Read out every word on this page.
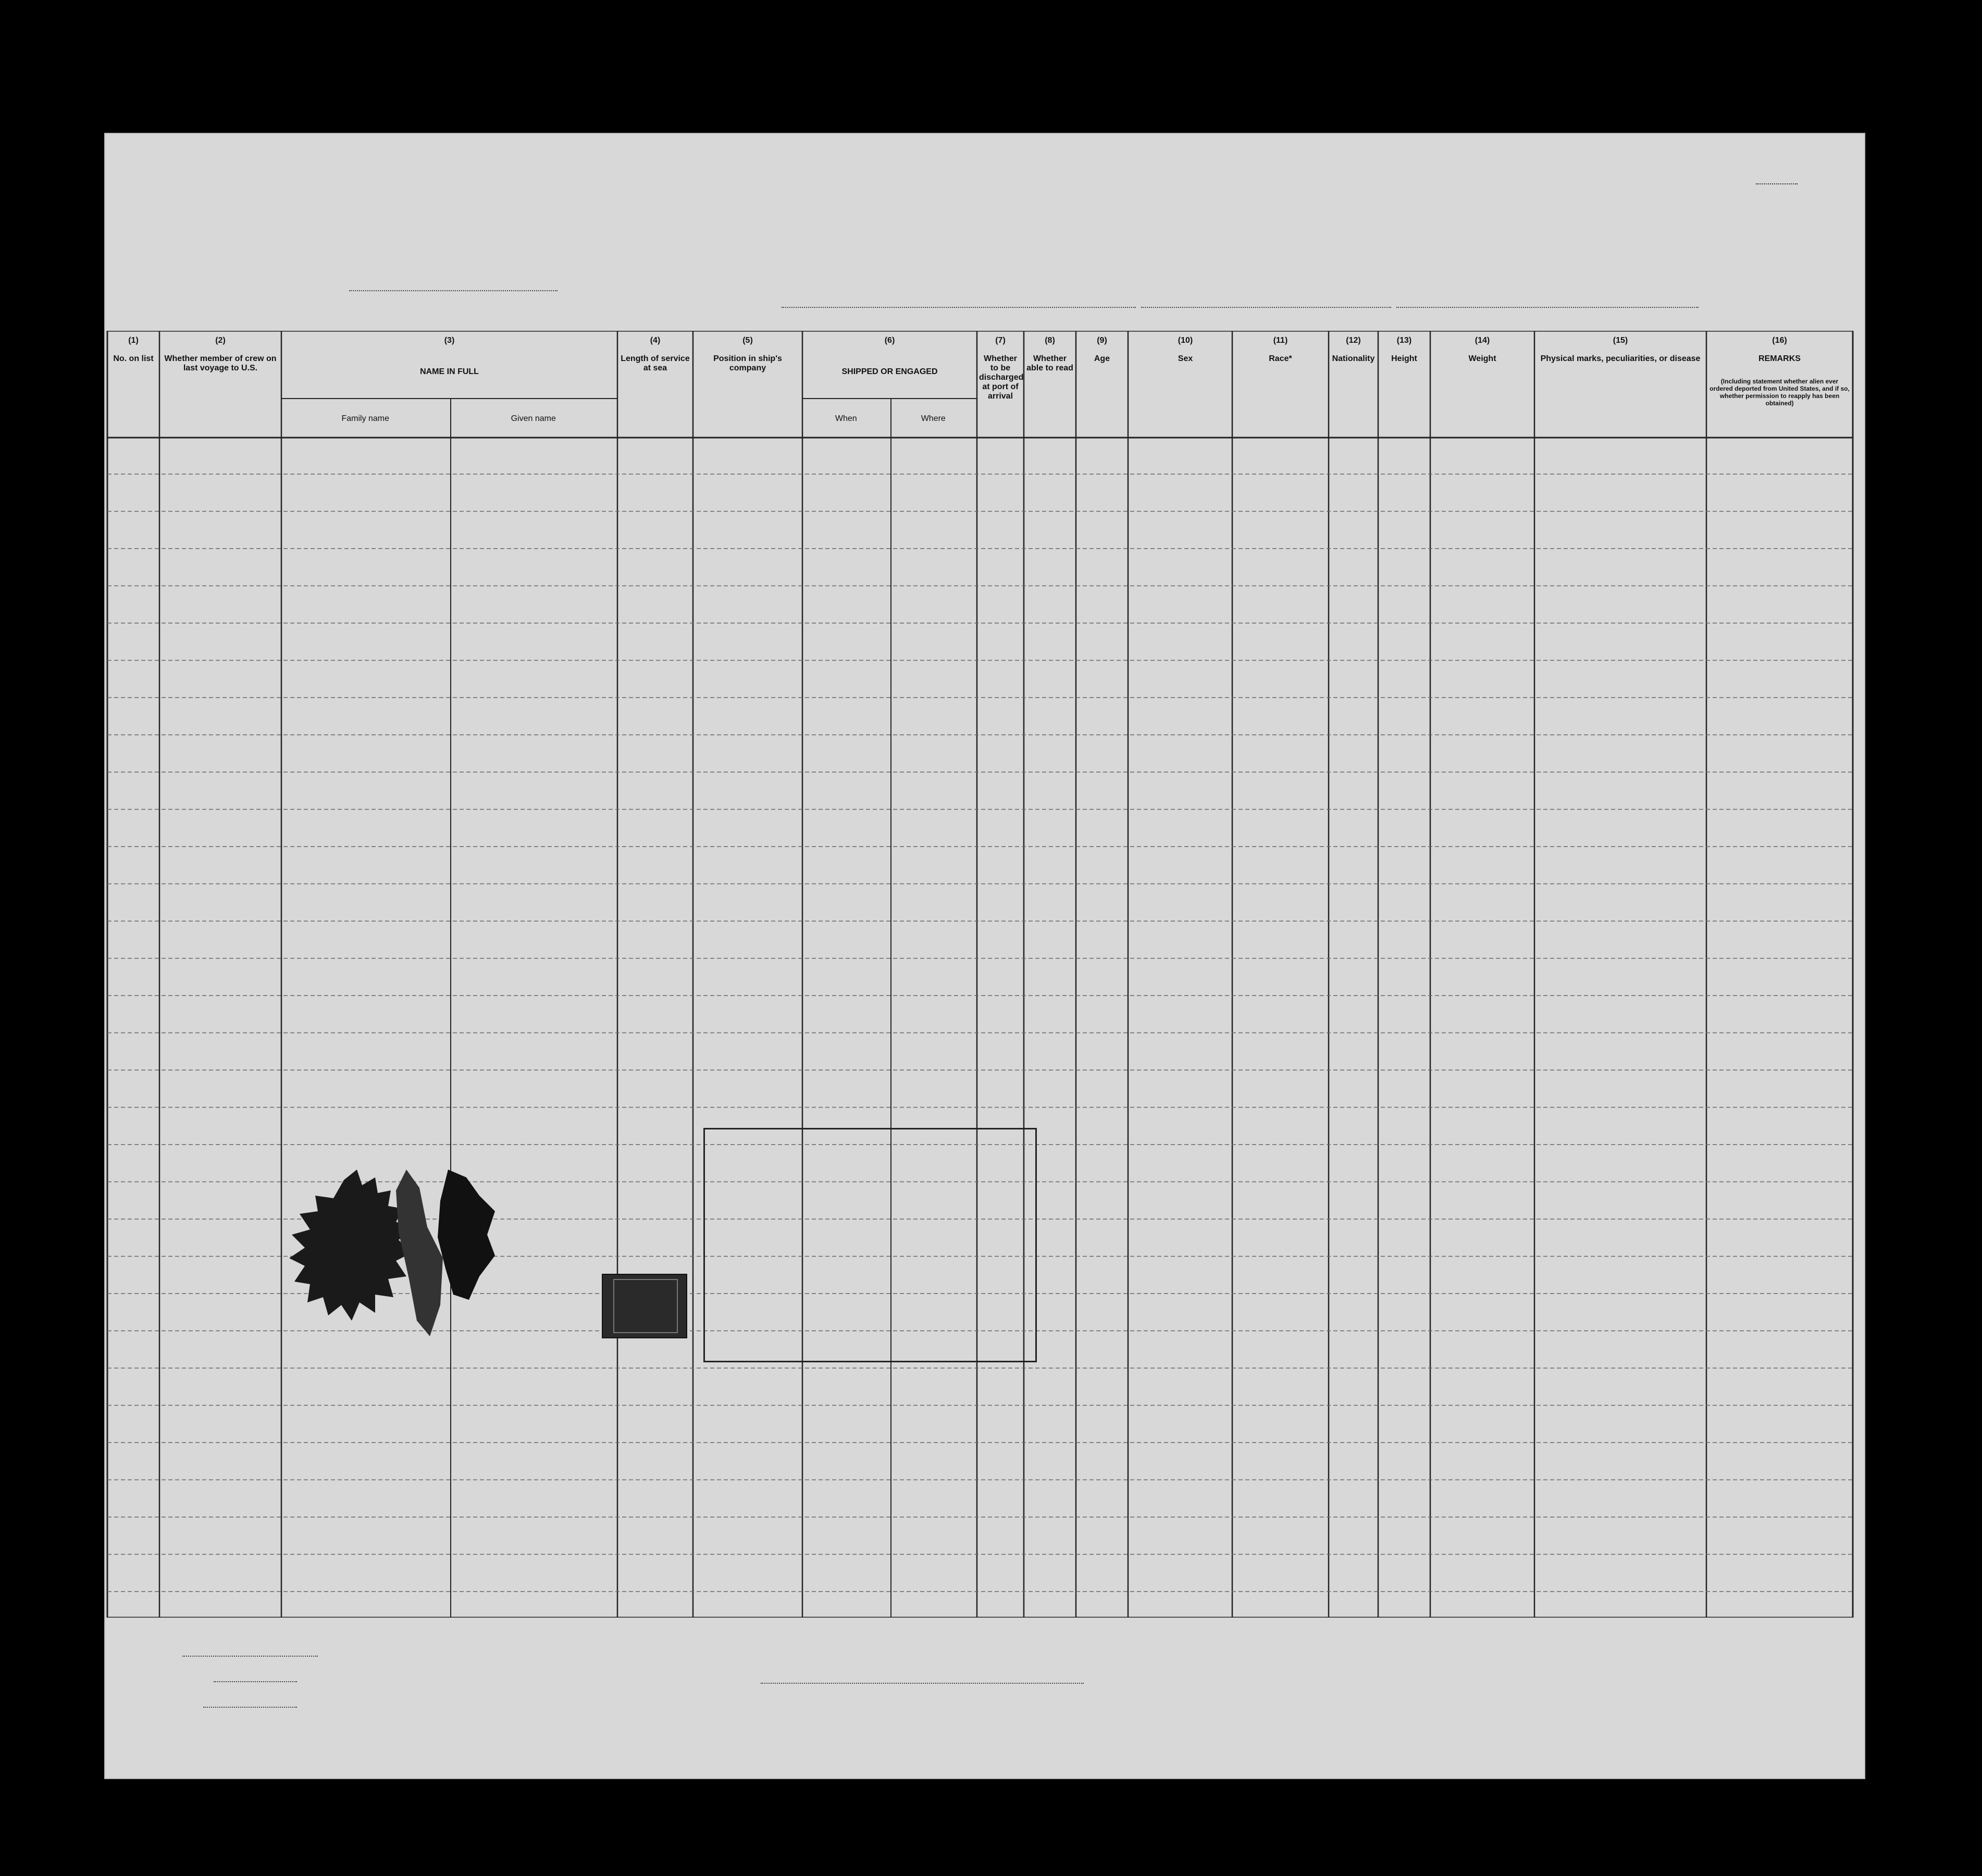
(1)
No. on list
(2)
Whether member of crew on last voyage to U.S.
(3)
NAME IN FULL
Family name	Given name
(4)
Length of service at sea
(5)
Position in ship's company
(6)
SHIPPED OR ENGAGED
When	Where
(7)
Whether to be discharged at port of arrival
(8)
Whether able to read
(9)
Age
(10)
Sex
(11)
Race*
(12)
Nationality
(13)
Height
(14)
Weight
(15)
Physical marks, peculiarities, or disease
(16)
REMARKS
(Including statement whether alien ever ordered deported from United States, and if so, whether permission to reapply has been obtained)
